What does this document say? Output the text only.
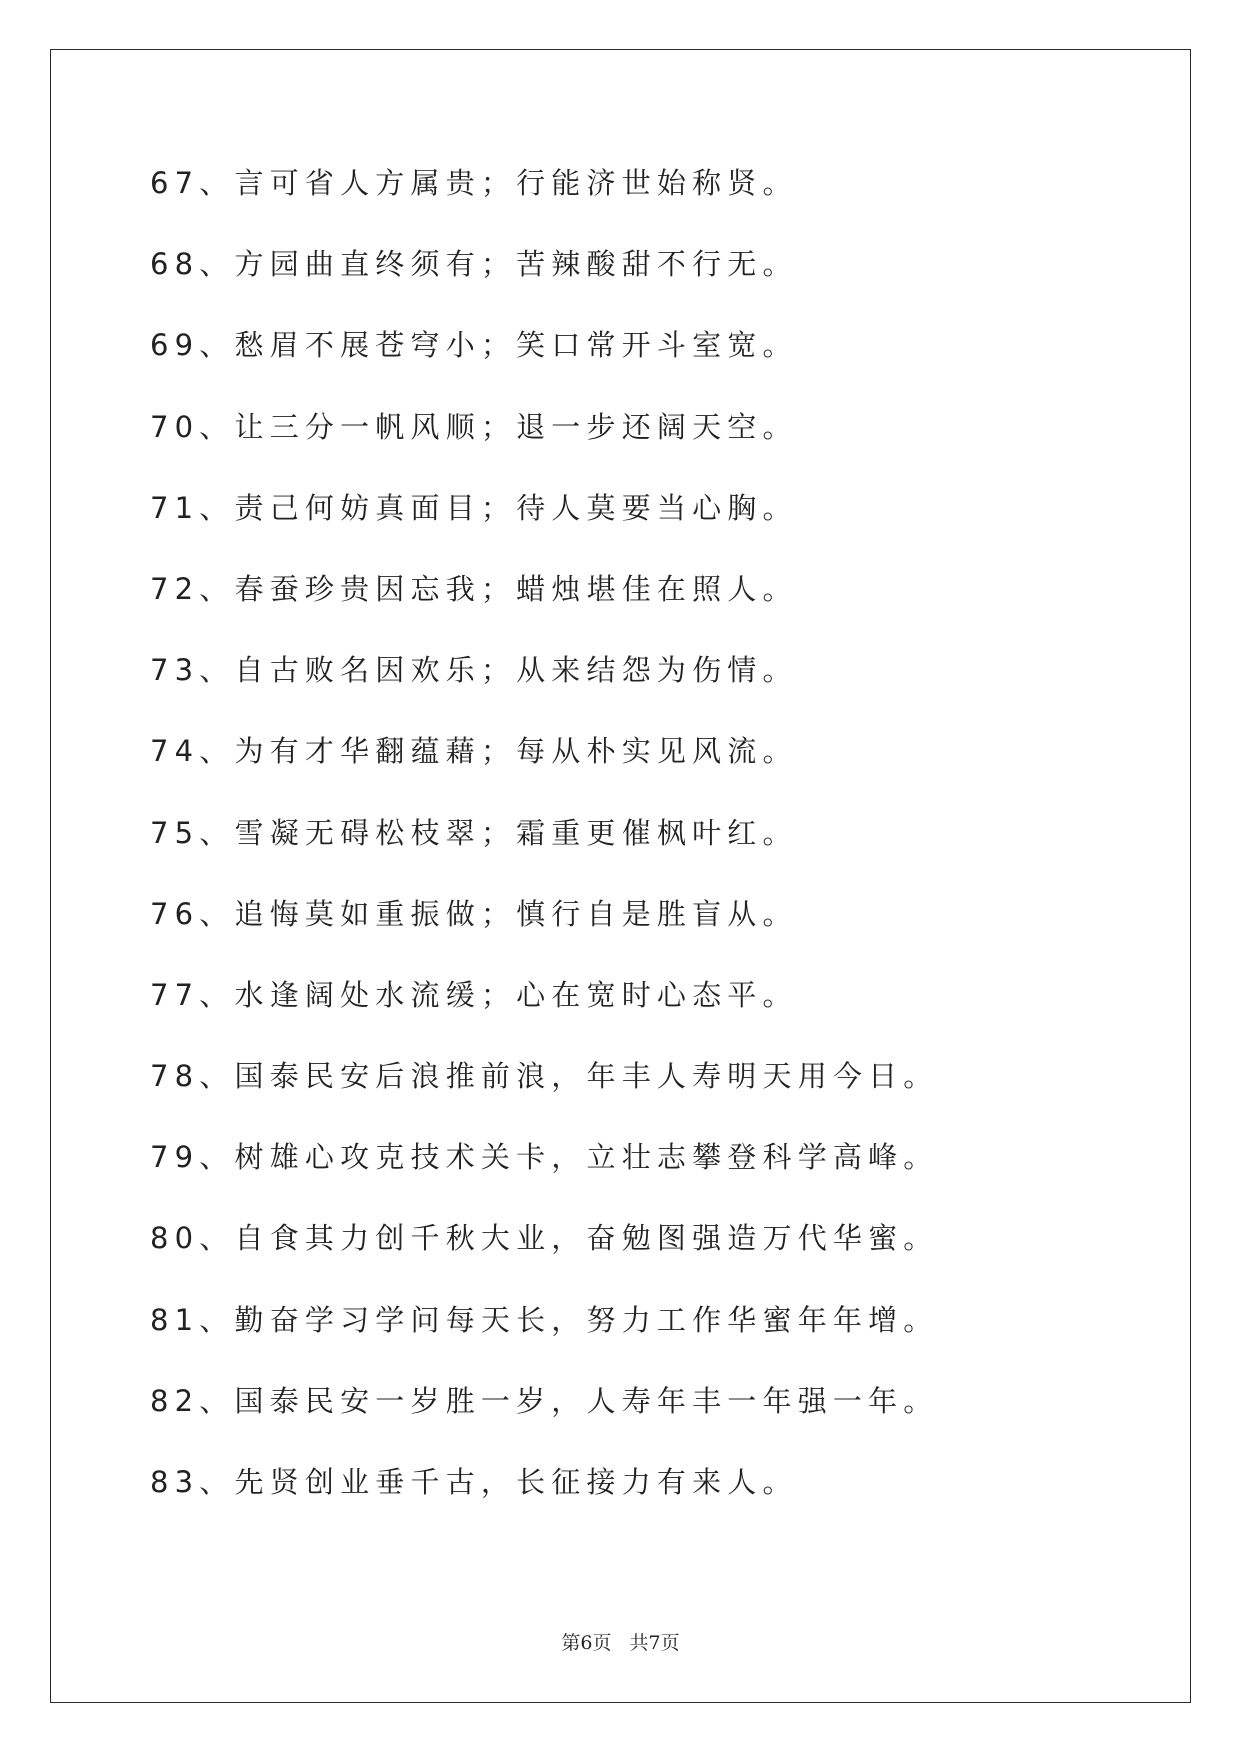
67、言可省人方属贵；行能济世始称贤。
68、方园曲直终须有；苦辣酸甜不行无。
69、愁眉不展苍穹小；笑口常开斗室宽。
70、让三分一帆风顺；退一步还阔天空。
71、责己何妨真面目；待人莫要当心胸。
72、春蚕珍贵因忘我；蜡烛堪佳在照人。
73、自古败名因欢乐；从来结怨为伤情。
74、为有才华翻蕴藉；每从朴实见风流。
75、雪凝无碍松枝翠；霜重更催枫叶红。
76、追悔莫如重振做；慎行自是胜盲从。
77、水逢阔处水流缓；心在宽时心态平。
78、国泰民安后浪推前浪，年丰人寿明天用今日。
79、树雄心攻克技术关卡，立壮志攀登科学高峰。
80、自食其力创千秋大业，奋勉图强造万代华蜜。
81、勤奋学习学问每天长，努力工作华蜜年年增。
82、国泰民安一岁胜一岁，人寿年丰一年强一年。
83、先贤创业垂千古，长征接力有来人。
第6页 共7页
